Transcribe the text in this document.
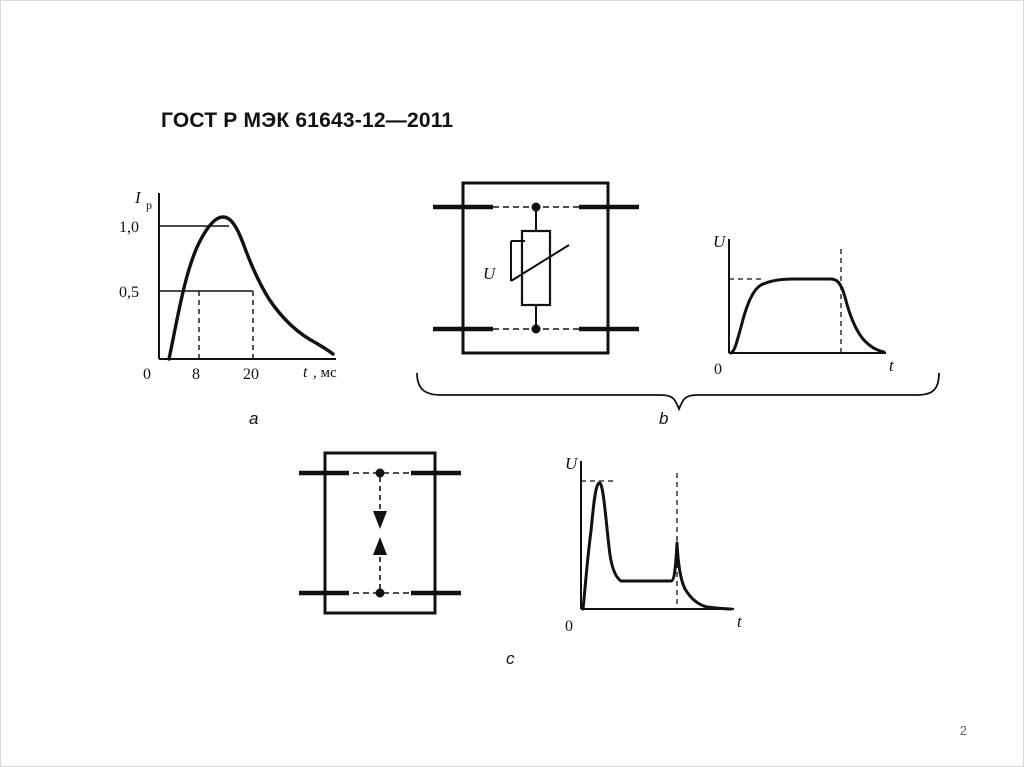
ГОСТ Р МЭК 61643-12—2011
I p
1,0
0,5
0	8	20	t , мc
a
U
U
0	t
b
U
0	t
c
2
